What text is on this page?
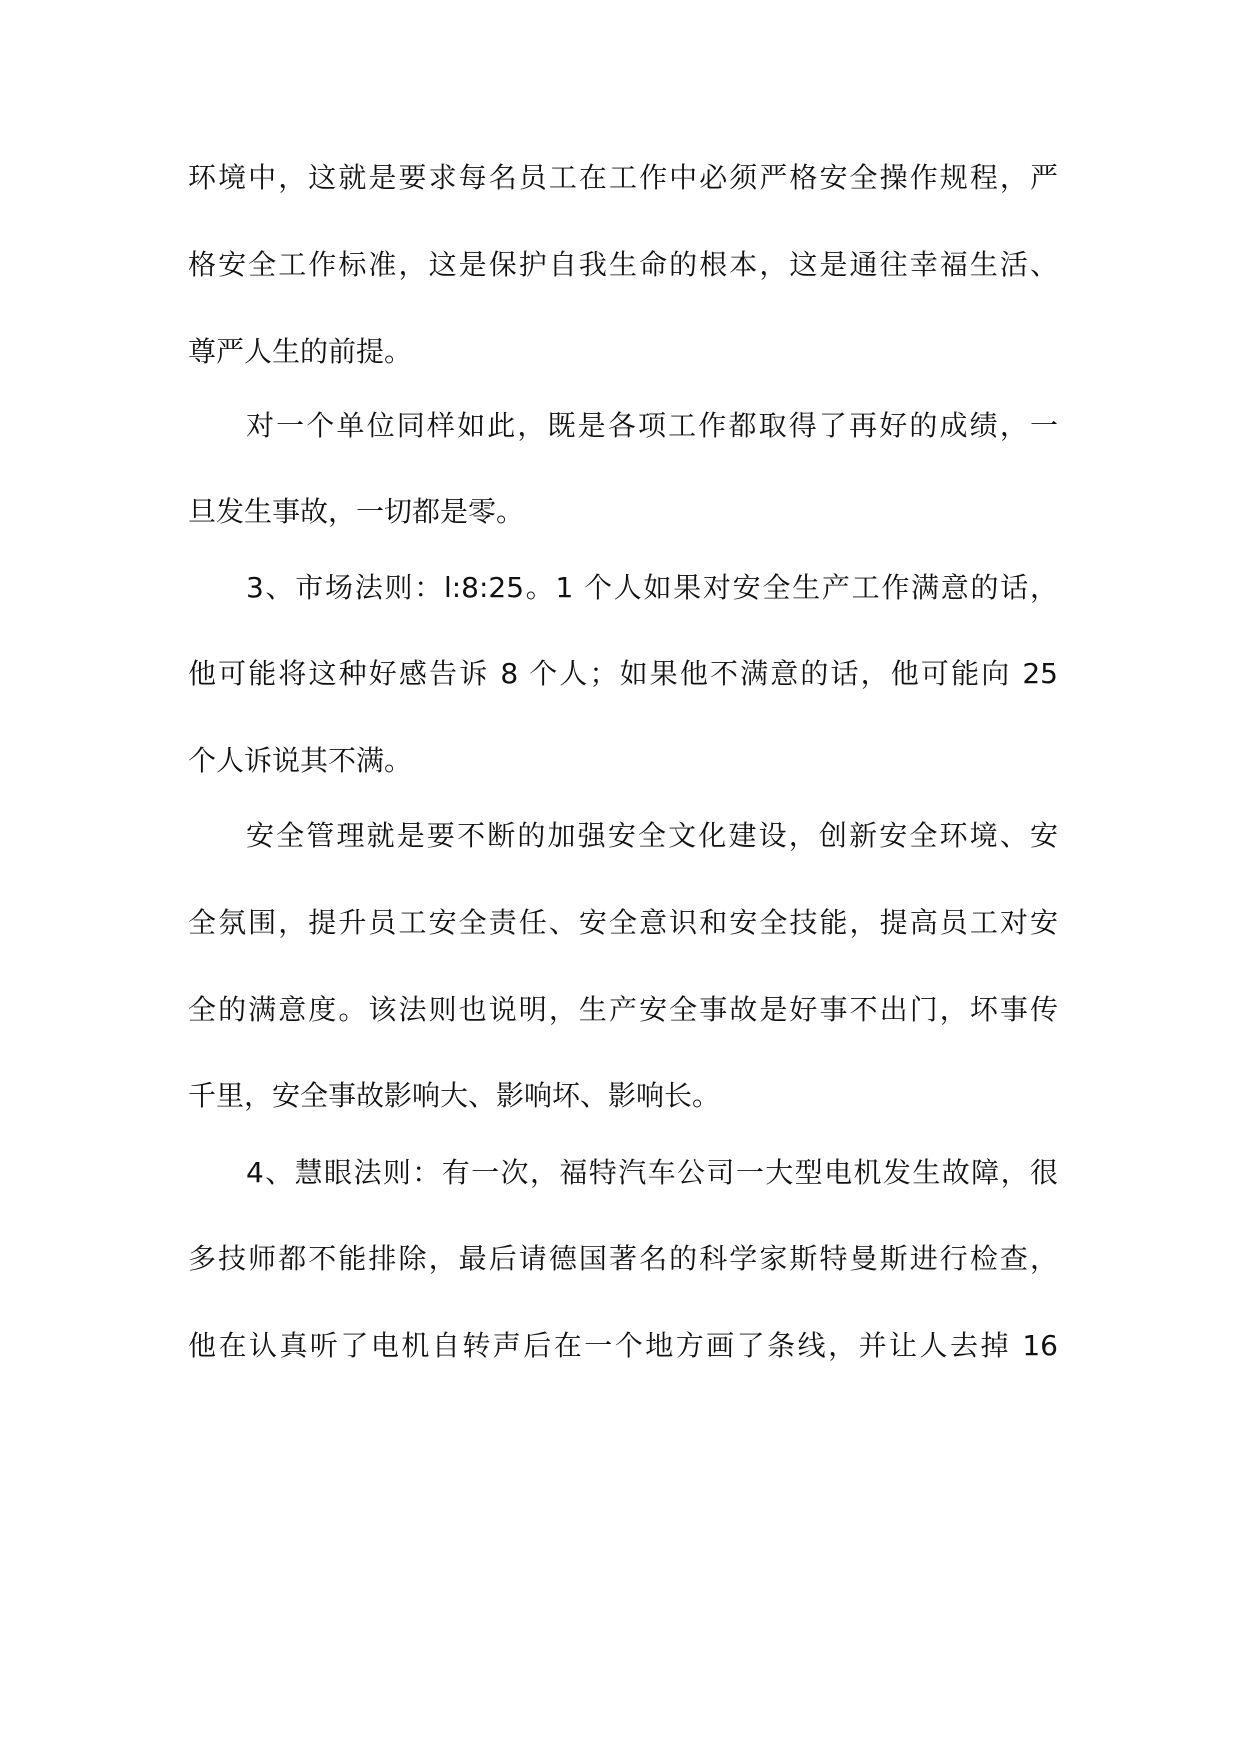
环境中，这就是要求每名员工在工作中必须严格安全操作规程，严
格安全工作标准，这是保护自我生命的根本，这是通往幸福生活、
尊严人生的前提。
对一个单位同样如此，既是各项工作都取得了再好的成绩，一
旦发生事故，一切都是零。
3、市场法则：l:8:25。1 个人如果对安全生产工作满意的话，
他可能将这种好感告诉 8 个人；如果他不满意的话，他可能向 25
个人诉说其不满。
安全管理就是要不断的加强安全文化建设，创新安全环境、安
全氛围，提升员工安全责任、安全意识和安全技能，提高员工对安
全的满意度。该法则也说明，生产安全事故是好事不出门，坏事传
千里，安全事故影响大、影响坏、影响长。
4、慧眼法则：有一次，福特汽车公司一大型电机发生故障，很
多技师都不能排除，最后请德国著名的科学家斯特曼斯进行检查，
他在认真听了电机自转声后在一个地方画了条线，并让人去掉 16
